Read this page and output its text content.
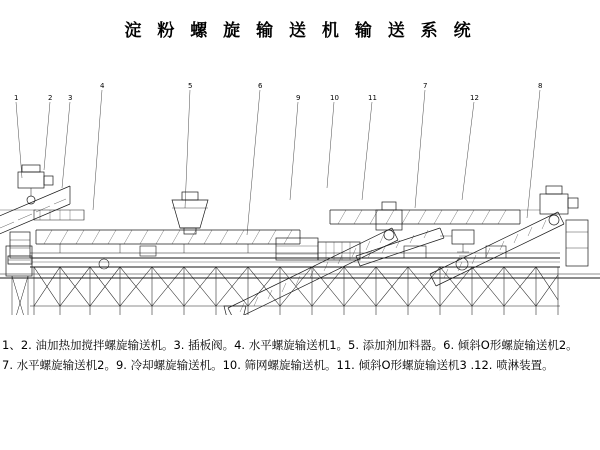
淀 粉 螺 旋 输 送 机 输 送 系 统
1	2 3
4	5	6	7	8
9	10	11	12
1、2. 油加热加搅拌螺旋输送机。3. 插板阀。4. 水平螺旋输送机1。5. 添加剂加料器。6. 倾斜O形螺旋输送机2。
7. 水平螺旋输送机2。9. 冷却螺旋输送机。10. 筛网螺旋输送机。11. 倾斜O形螺旋输送机3 .12. 喷淋装置。
